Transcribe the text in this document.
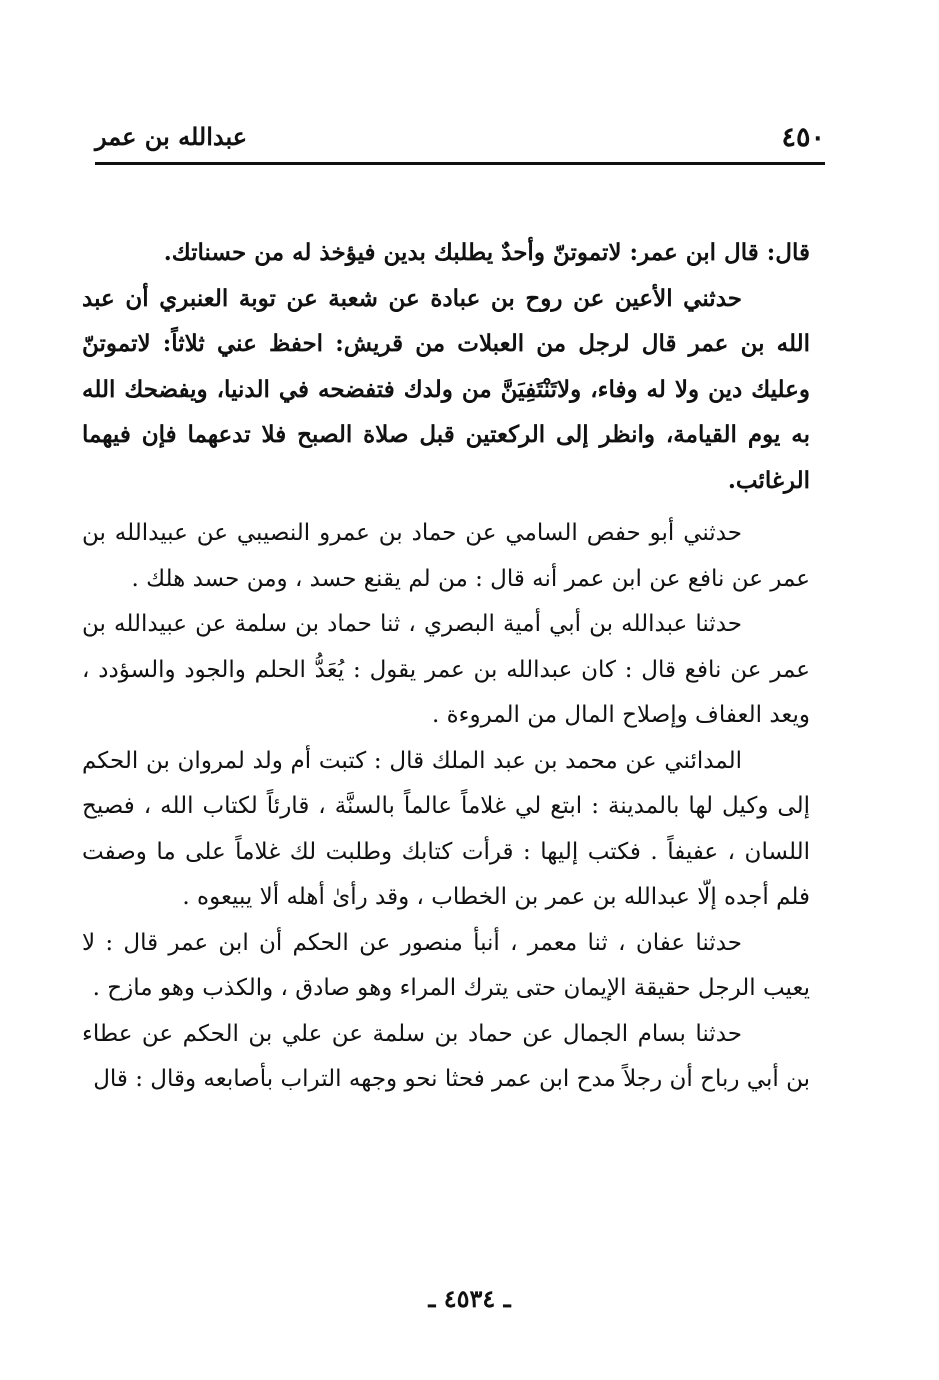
٤٥٠
عبدالله بن عمر

قال: قال ابن عمر: لاتموتنّ وأحدٌ يطلبك بدين فيؤخذ له من حسناتك.

حدثني الأعين عن روح بن عبادة عن شعبة عن توبة العنبري أن عبد الله بن عمر قال لرجل من العبلات من قريش: احفظ عني ثلاثاً: لاتموتنّ وعليك دين ولا له وفاء، ولاتَنْتَفِيَنَّ من ولدك فتفضحه في الدنيا، ويفضحك الله به يوم القيامة، وانظر إلى الركعتين قبل صلاة الصبح فلا تدعهما فإن فيهما الرغائب.

حدثني أبو حفص السامي عن حماد بن عمرو النصيبي عن عبيدالله بن عمر عن نافع عن ابن عمر أنه قال : من لم يقنع حسد ، ومن حسد هلك .

حدثنا عبدالله بن أبي أمية البصري ، ثنا حماد بن سلمة عن عبيدالله بن عمر عن نافع قال : كان عبدالله بن عمر يقول : يُعَدُّ الحلم والجود والسؤدد ، ويعد العفاف وإصلاح المال من المروءة .

المدائني عن محمد بن عبد الملك قال : كتبت أم ولد لمروان بن الحكم إلى وكيل لها بالمدينة : ابتع لي غلاماً عالماً بالسنَّة ، قارئاً لكتاب الله ، فصيح اللسان ، عفيفاً . فكتب إليها : قرأت كتابك وطلبت لك غلاماً على ما وصفت فلم أجده إلّا عبدالله بن عمر بن الخطاب ، وقد رأىٰ أهله ألا يبيعوه .

حدثنا عفان ، ثنا معمر ، أنبأ منصور عن الحكم أن ابن عمر قال : لا يعيب الرجل حقيقة الإيمان حتى يترك المراء وهو صادق ، والكذب وهو مازح .

حدثنا بسام الجمال عن حماد بن سلمة عن علي بن الحكم عن عطاء بن أبي رباح أن رجلاً مدح ابن عمر فحثا نحو وجهه التراب بأصابعه وقال : قال

ـ ٤٥٣٤ ـ
